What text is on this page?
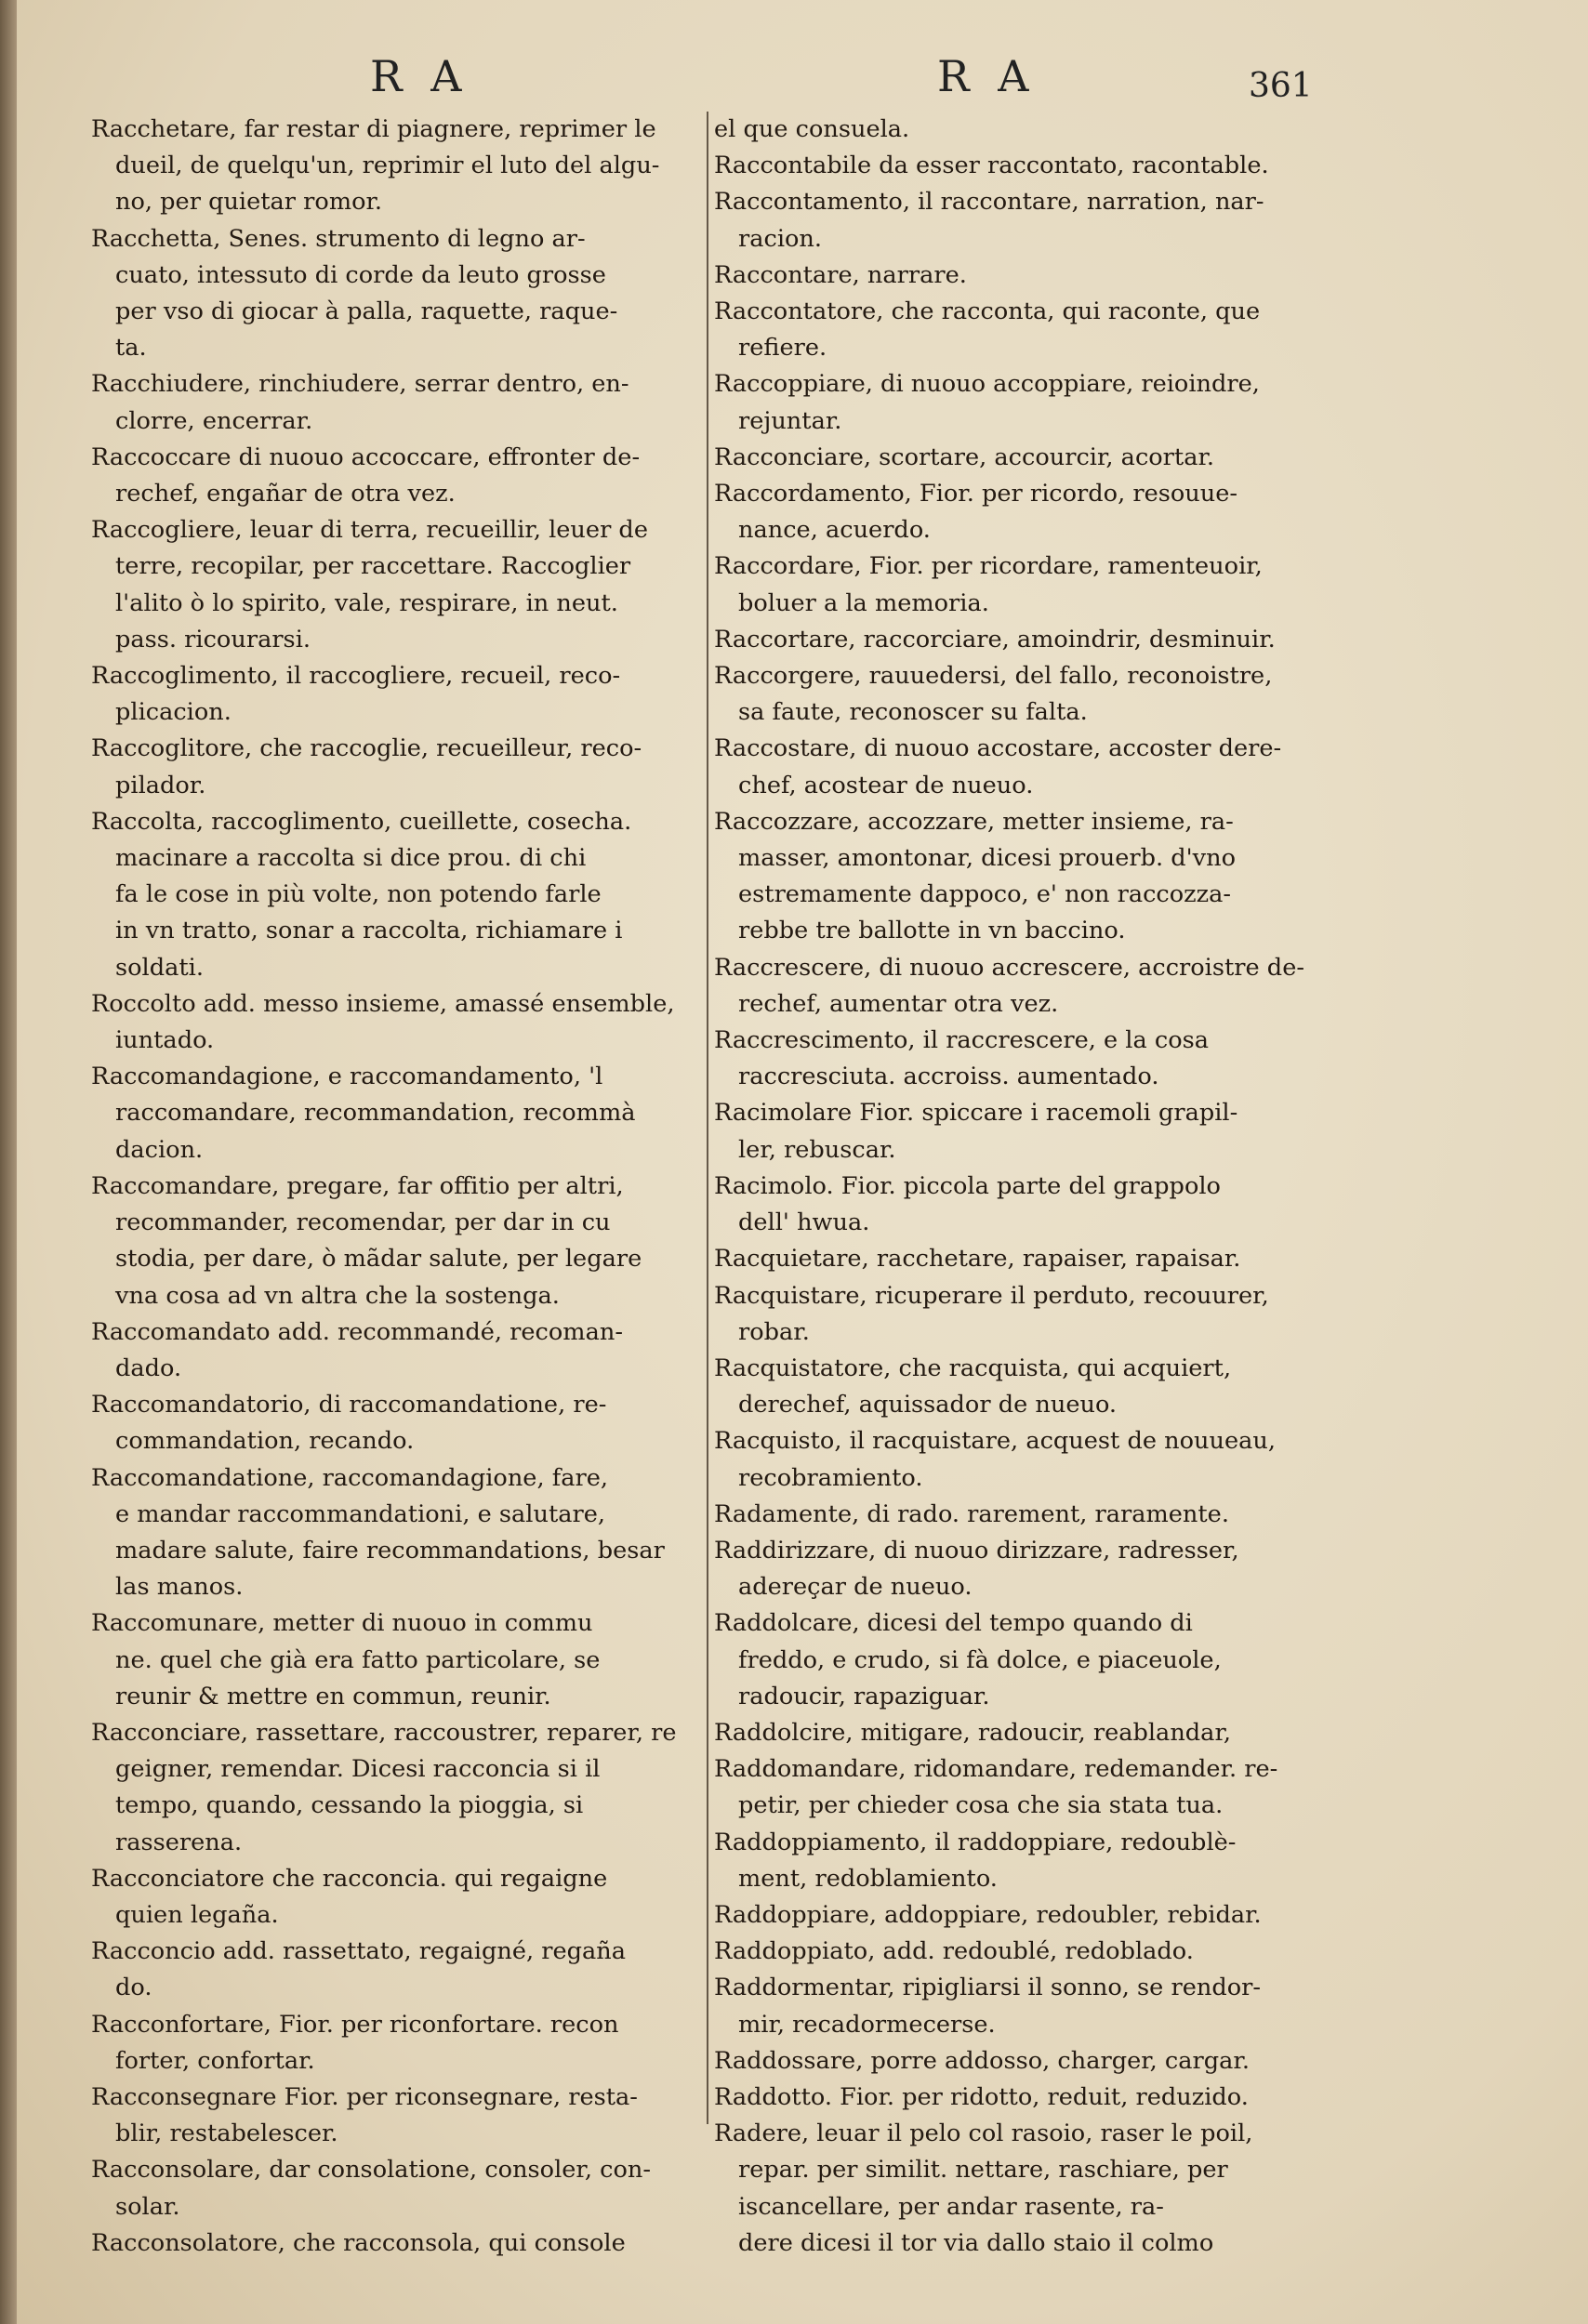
R A	R A	361
Racchetare, far restar di piagnere, reprimer le
dueil, de quelqu'un, reprimir el luto del algu-
no, per quietar romor.
Racchetta, Senes. strumento di legno ar-
cuato, intessuto di corde da leuto grosse
per vso di giocar à palla, raquette, raque-
ta.
Racchiudere, rinchiudere, serrar dentro, en-
clorre, encerrar.
Raccoccare di nuouo accoccare, effronter de-
rechef, engañar de otra vez.
Raccogliere, leuar di terra, recueillir, leuer de
terre, recopilar, per raccettare. Raccoglier
l'alito ò lo spirito, vale, respirare, in neut.
pass. ricourarsi.
Raccoglimento, il raccogliere, recueil, reco-
plicacion.
Raccoglitore, che raccoglie, recueilleur, reco-
pilador.
Raccolta, raccoglimento, cueillette, cosecha.
macinare a raccolta si dice prou. di chi
fa le cose in più volte, non potendo farle
in vn tratto, sonar a raccolta, richiamare i
soldati.
Roccolto add. messo insieme, amassé ensemble,
iuntado.
Raccomandagione, e raccomandamento, 'l
raccomandare, recommandation, recommà
dacion.
Raccomandare, pregare, far offitio per altri,
recommander, recomendar, per dar in cu
stodia, per dare, ò mãdar salute, per legare
vna cosa ad vn altra che la sostenga.
Raccomandato add. recommandé, recoman-
dado.
Raccomandatorio, di raccomandatione, re-
commandation, recando.
Raccomandatione, raccomandagione, fare,
e mandar raccommandationi, e salutare,
madare salute, faire recommandations, besar
las manos.
Raccomunare, metter di nuouo in commu
ne. quel che già era fatto particolare, se
reunir & mettre en commun, reunir.
Racconciare, rassettare, raccoustrer, reparer, re
geigner, remendar. Dicesi racconcia si il
tempo, quando, cessando la pioggia, si
rasserena.
Racconciatore che racconcia. qui regaigne
quien legaña.
Racconcio add. rassettato, regaigné, regaña
do.
Racconfortare, Fior. per riconfortare. recon
forter, confortar.
Racconsegnare Fior. per riconsegnare, resta-
blir, restabelescer.
Racconsolare, dar consolatione, consoler, con-
solar.
Racconsolatore, che racconsola, qui console
el que consuela.
Raccontabile da esser raccontato, racontable.
Raccontamento, il raccontare, narration, nar-
racion.
Raccontare, narrare.
Raccontatore, che racconta, qui raconte, que
refiere.
Raccoppiare, di nuouo accoppiare, reioindre,
rejuntar.
Racconciare, scortare, accourcir, acortar.
Raccordamento, Fior. per ricordo, resouue-
nance, acuerdo.
Raccordare, Fior. per ricordare, ramenteuoir,
boluer a la memoria.
Raccortare, raccorciare, amoindrir, desminuir.
Raccorgere, rauuedersi, del fallo, reconoistre,
sa faute, reconoscer su falta.
Raccostare, di nuouo accostare, accoster dere-
chef, acostear de nueuo.
Raccozzare, accozzare, metter insieme, ra-
masser, amontonar, dicesi prouerb. d'vno
estremamente dappoco, e' non raccozza-
rebbe tre ballotte in vn baccino.
Raccrescere, di nuouo accrescere, accroistre de-
rechef, aumentar otra vez.
Raccrescimento, il raccrescere, e la cosa
raccresciuta. accroiss. aumentado.
Racimolare Fior. spiccare i racemoli grapil-
ler, rebuscar.
Racimolo. Fior. piccola parte del grappolo
dell' hwua.
Racquietare, racchetare, rapaiser, rapaisar.
Racquistare, ricuperare il perduto, recouurer,
robar.
Racquistatore, che racquista, qui acquiert,
derechef, aquissador de nueuo.
Racquisto, il racquistare, acquest de nouueau,
recobramiento.
Radamente, di rado. rarement, raramente.
Raddirizzare, di nuouo dirizzare, radresser,
adereçar de nueuo.
Raddolcare, dicesi del tempo quando di
freddo, e crudo, si fà dolce, e piaceuole,
radoucir, rapaziguar.
Raddolcire, mitigare, radoucir, reablandar,
Raddomandare, ridomandare, redemander. re-
petir, per chieder cosa che sia stata tua.
Raddoppiamento, il raddoppiare, redoublè-
ment, redoblamiento.
Raddoppiare, addoppiare, redoubler, rebidar.
Raddoppiato, add. redoublé, redoblado.
Raddormentar, ripigliarsi il sonno, se rendor-
mir, recadormecerse.
Raddossare, porre addosso, charger, cargar.
Raddotto. Fior. per ridotto, reduit, reduzido.
Radere, leuar il pelo col rasoio, raser le poil,
repar. per similit. nettare, raschiare, per
iscancellare, per andar rasente, ra-
dere dicesi il tor via dallo staio il colmo
